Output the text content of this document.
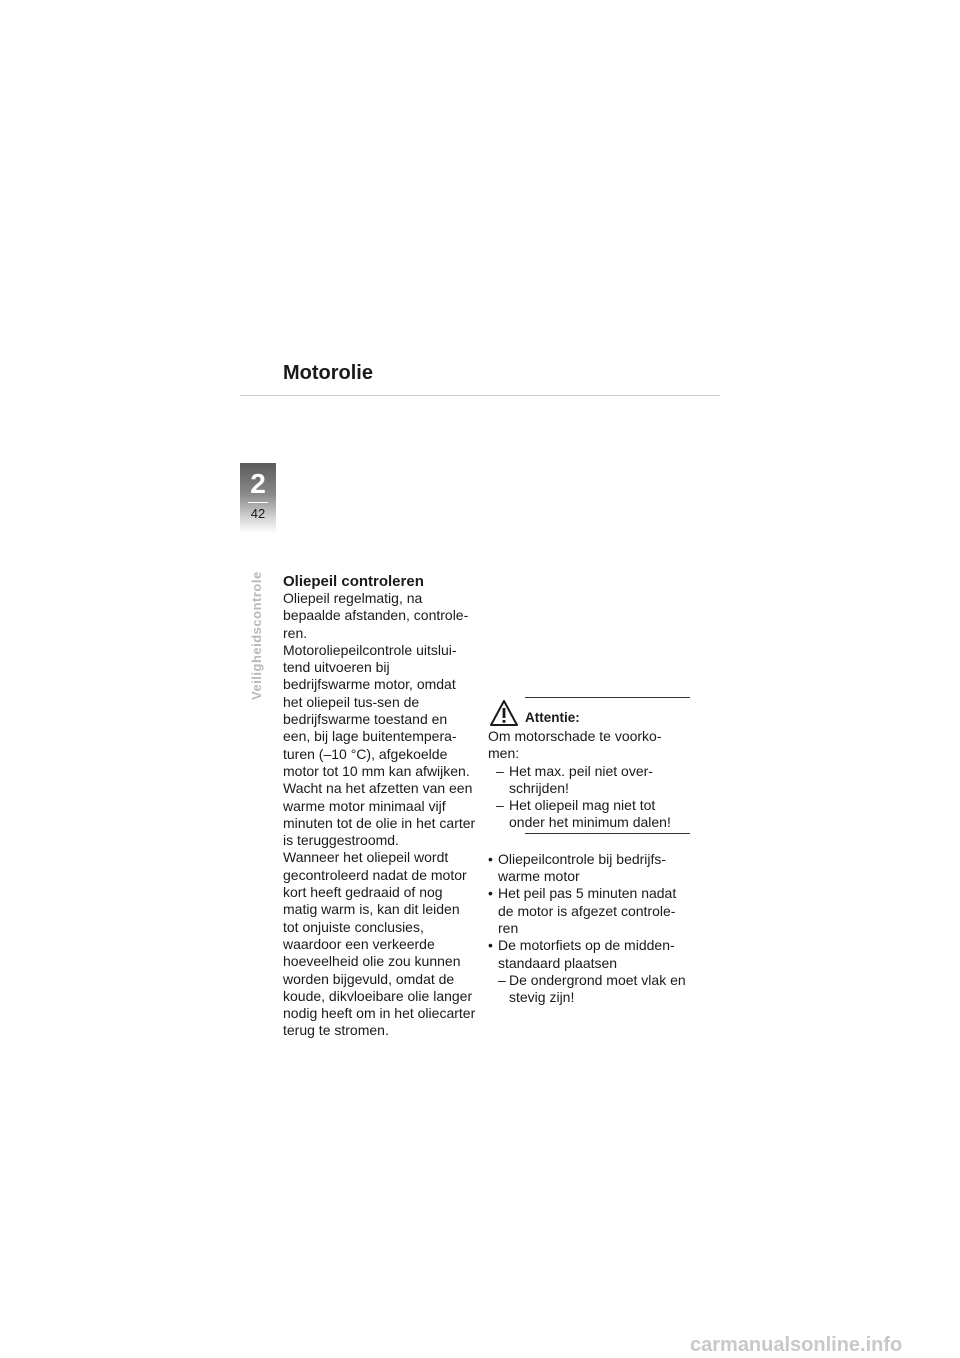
Motorolie
2
42
Veiligheidscontrole Oliepeil controleren

Oliepeil regelmatig, na bepaalde afstanden, controle-ren.

Motoroliepeilcontrole uitslui-tend uitvoeren bij bedrijfswarme motor, omdat het oliepeil tus-sen de bedrijfswarme toestand en een, bij lage buitentempera-turen (–10 °C), afgekoelde motor tot 10 mm kan afwijken.

Wacht na het afzetten van een warme motor minimaal vijf minuten tot de olie in het carter is teruggestroomd.

Wanneer het oliepeil wordt gecontroleerd nadat de motor kort heeft gedraaid of nog matig warm is, kan dit leiden tot onjuiste conclusies, waardoor een verkeerde hoeveelheid olie zou kunnen worden bijgevuld, omdat de koude, dikvloeibare olie langer nodig heeft om in het oliecarter terug te stromen.

Attentie:
Om motorschade te voorko-men:
– Het max. peil niet over-schrijden!
– Het oliepeil mag niet tot onder het minimum dalen!
• Oliepeilcontrole bij bedrijfs-warme motor
• Het peil pas 5 minuten nadat de motor is afgezet controle-ren
• De motorfiets op de midden-standaard plaatsen
– De ondergrond moet vlak en stevig zijn!
carmanualsonline.info
